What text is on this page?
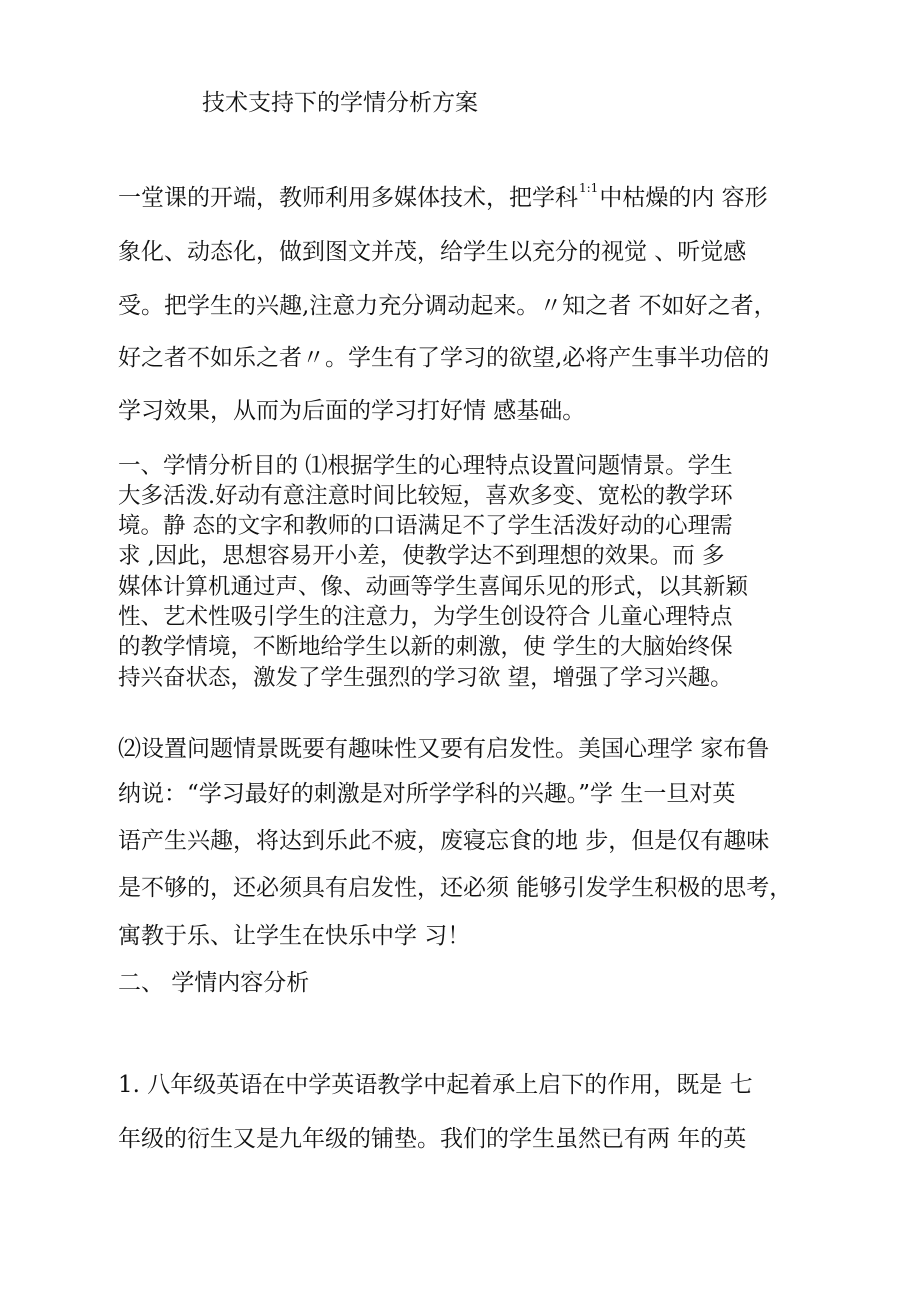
技术支持下的学情分析方案
一堂课的开端，教师利用多媒体技术，把学科$^{1:1}$中枯燥的内 容形
象化、动态化，做到图文并茂，给学生以充分的视觉 、听觉感
受。把学生的兴趣,注意力充分调动起来。〃知之者 不如好之者，
好之者不如乐之者〃。学生有了学习的欲望,必将产生事半功倍的
学习效果，从而为后面的学习打好情 感基础。
一、学情分析目的 ⑴根据学生的心理特点设置问题情景。学生
大多活泼.好动有意注意时间比较短，喜欢多变、宽松的教学环
境。静 态的文字和教师的口语满足不了学生活泼好动的心理需
求 ,因此，思想容易开小差，使教学达不到理想的效果。而 多
媒体计算机通过声、像、动画等学生喜闻乐见的形式，以其新颖
性、艺术性吸引学生的注意力，为学生创设符合 儿童心理特点
的教学情境，不断地给学生以新的刺激，使 学生的大脑始终保
持兴奋状态，激发了学生强烈的学习欲 望，增强了学习兴趣。
⑵设置问题情景既要有趣味性又要有启发性。美国心理学 家布鲁
纳说：“学习最好的刺激是对所学学科的兴趣。”学 生一旦对英
语产生兴趣，将达到乐此不疲，废寝忘食的地 步，但是仅有趣味
是不够的，还必须具有启发性，还必须 能够引发学生积极的思考，
寓教于乐、让学生在快乐中学 习！
二、 学情内容分析
1. 八年级英语在中学英语教学中起着承上启下的作用，既是 七
年级的衍生又是九年级的铺垫。我们的学生虽然已有两 年的英
